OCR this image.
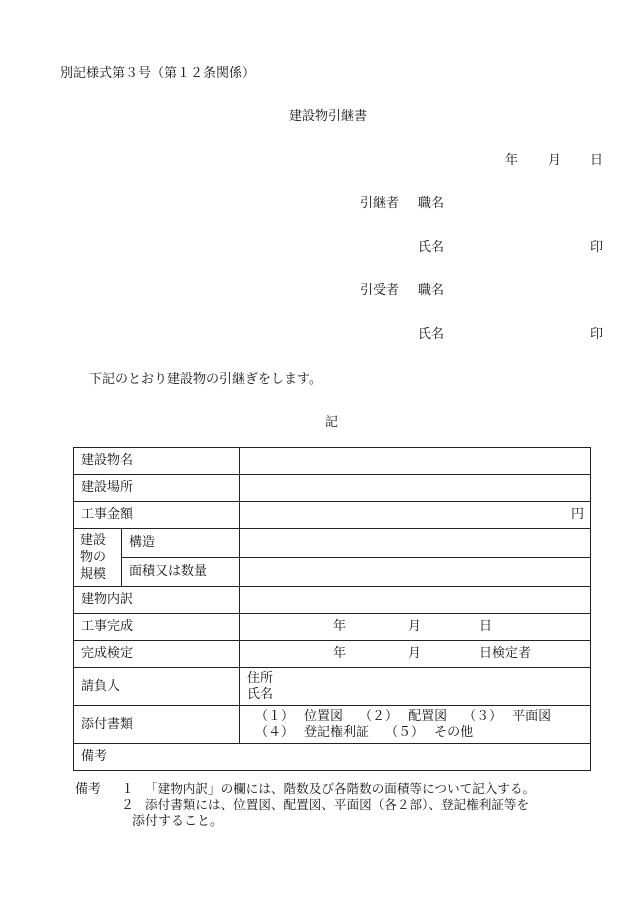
別記様式第３号（第１２条関係）
建設物引継書
年 月 日
引継者 職名
氏名	印
引受者 職名
氏名	印
下記のとおり建設物の引継ぎをします。
記
建設物名		
建設場所		
工事金額		円
建設
物の
規模	構造	
	面積又は数量	
建物内訳		
工事完成		年 月 日
完成検定		年 月 日検定者
請負人		住所
氏名
添付書類		（１） 位置図 （２） 配置図 （３） 平面図
（４） 登記権利証 （５） その他
備考		
備考 １ 「建物内訳」の欄には、階数及び各階数の面積等について記入する。
２ 添付書類には、位置図、配置図、平面図（各２部）、登記権利証等を
添付すること。
